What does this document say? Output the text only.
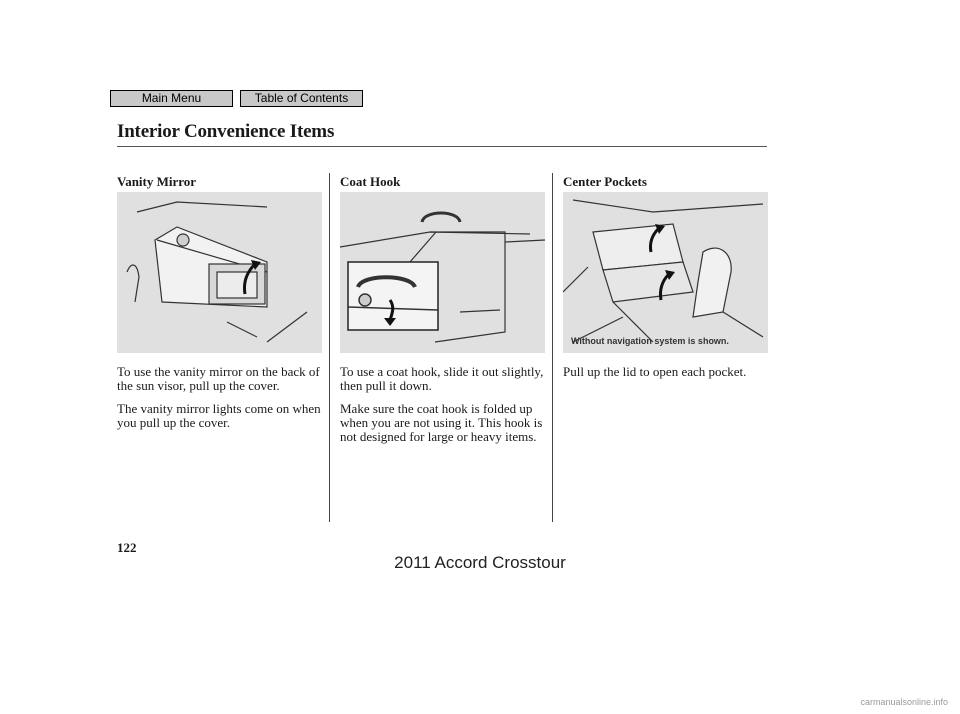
Main Menu	Table of Contents
Interior Convenience Items
Vanity Mirror

To use the vanity mirror on the back of the sun visor, pull up the cover.

The vanity mirror lights come on when you pull up the cover.

Coat Hook

To use a coat hook, slide it out slightly, then pull it down.

Make sure the coat hook is folded up when you are not using it. This hook is not designed for large or heavy items.

Center Pockets
Without navigation system is shown.

Pull up the lid to open each pocket.

122
2011 Accord Crosstour
carmanualsonline.info
